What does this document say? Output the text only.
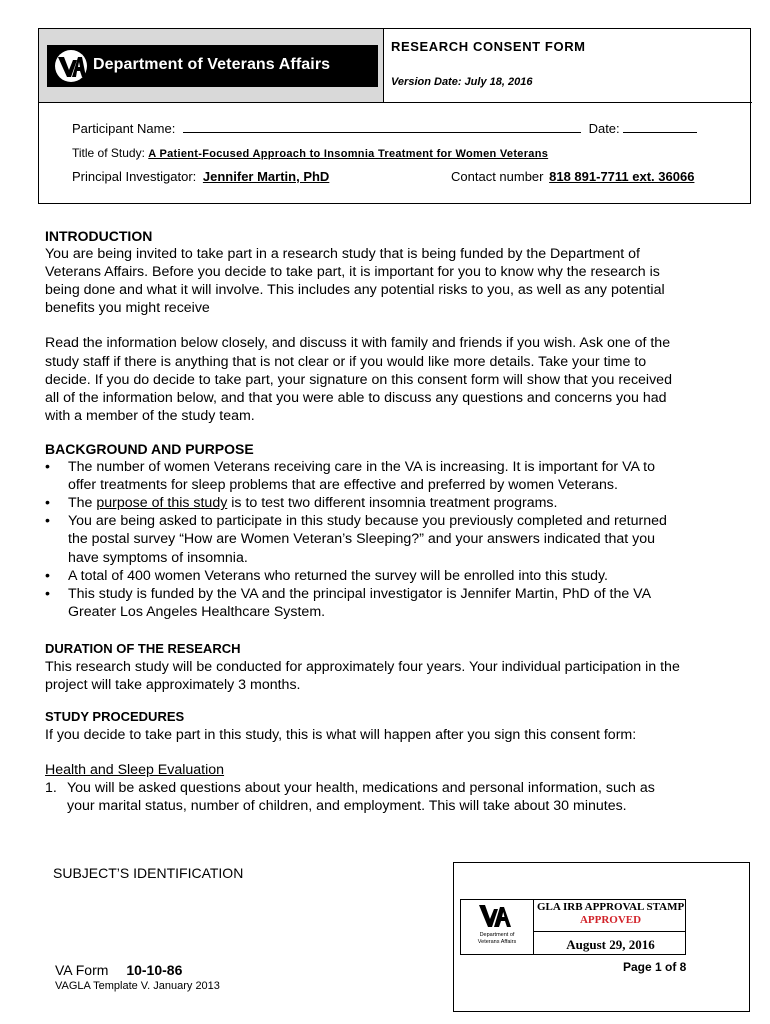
Department of Veterans Affairs
RESEARCH CONSENT FORM
Version Date: July 18, 2016
Participant Name:	Date:
Title of Study: A Patient-Focused Approach to Insomnia Treatment for Women Veterans
Principal Investigator: Jennifer Martin, PhD	Contact number 818 891-7711 ext. 36066
INTRODUCTION
You are being invited to take part in a research study that is being funded by the Department of
Veterans Affairs. Before you decide to take part, it is important for you to know why the research is
being done and what it will involve. This includes any potential risks to you, as well as any potential
benefits you might receive
Read the information below closely, and discuss it with family and friends if you wish. Ask one of the
study staff if there is anything that is not clear or if you would like more details. Take your time to
decide. If you do decide to take part, your signature on this consent form will show that you received
all of the information below, and that you were able to discuss any questions and concerns you had
with a member of the study team.
BACKGROUND AND PURPOSE
• The number of women Veterans receiving care in the VA is increasing. It is important for VA to
offer treatments for sleep problems that are effective and preferred by women Veterans.
• The purpose of this study is to test two different insomnia treatment programs.
• You are being asked to participate in this study because you previously completed and returned
the postal survey “How are Women Veteran’s Sleeping?” and your answers indicated that you
have symptoms of insomnia.
• A total of 400 women Veterans who returned the survey will be enrolled into this study.
• This study is funded by the VA and the principal investigator is Jennifer Martin, PhD of the VA
Greater Los Angeles Healthcare System.
DURATION OF THE RESEARCH
This research study will be conducted for approximately four years. Your individual participation in the
project will take approximately 3 months.
STUDY PROCEDURES
If you decide to take part in this study, this is what will happen after you sign this consent form:
Health and Sleep Evaluation
1. You will be asked questions about your health, medications and personal information, such as
your marital status, number of children, and employment. This will take about 30 minutes.
SUBJECT’S IDENTIFICATION
Department of
Veterans Affairs
GLA IRB APPROVAL STAMP
APPROVED
August 29, 2016
Page 1 of 8
VA Form 10-10-86
VAGLA Template V. January 2013
